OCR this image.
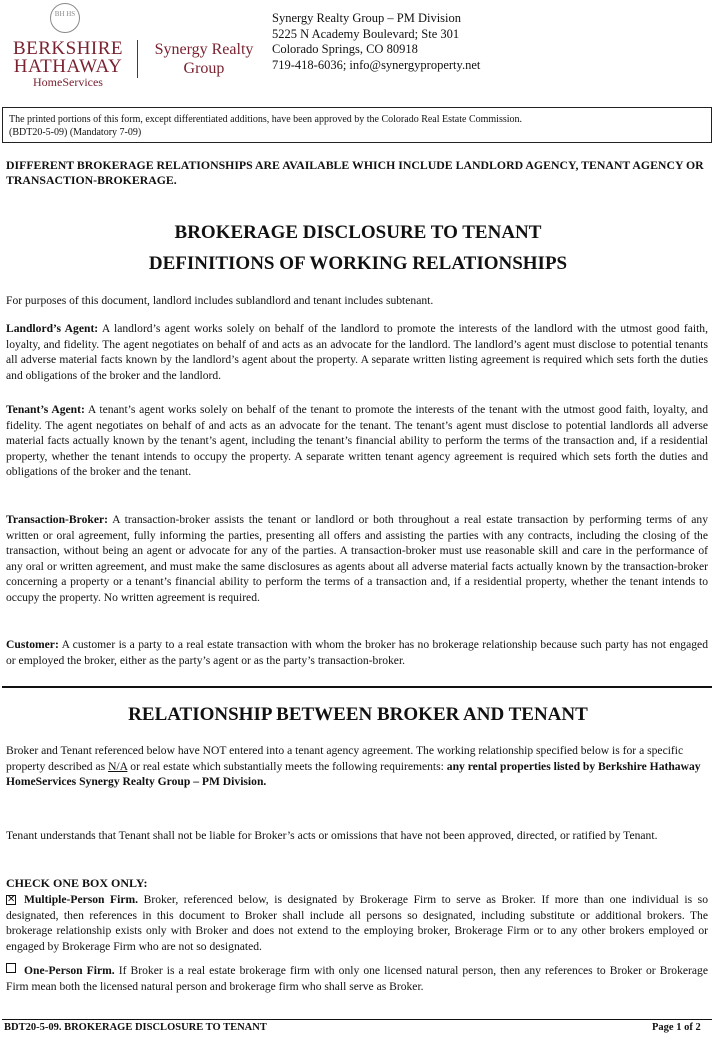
BH HS
BERKSHIRE
HATHAWAY
HomeServices
Synergy Realty
Group
Synergy Realty Group – PM Division
5225 N Academy Boulevard; Ste 301
Colorado Springs, CO 80918
719-418-6036; info@synergyproperty.net
The printed portions of this form, except differentiated additions, have been approved by the Colorado Real Estate Commission.
(BDT20-5-09) (Mandatory 7-09)
DIFFERENT BROKERAGE RELATIONSHIPS ARE AVAILABLE WHICH INCLUDE LANDLORD AGENCY, TENANT AGENCY OR TRANSACTION-BROKERAGE.
BROKERAGE DISCLOSURE TO TENANT
DEFINITIONS OF WORKING RELATIONSHIPS

For purposes of this document, landlord includes sublandlord and tenant includes subtenant.

Landlord’s Agent: A landlord’s agent works solely on behalf of the landlord to promote the interests of the landlord with the utmost good faith, loyalty, and fidelity. The agent negotiates on behalf of and acts as an advocate for the landlord. The landlord’s agent must disclose to potential tenants all adverse material facts known by the landlord’s agent about the property. A separate written listing agreement is required which sets forth the duties and obligations of the broker and the landlord.

Tenant’s Agent: A tenant’s agent works solely on behalf of the tenant to promote the interests of the tenant with the utmost good faith, loyalty, and fidelity. The agent negotiates on behalf of and acts as an advocate for the tenant. The tenant’s agent must disclose to potential landlords all adverse material facts actually known by the tenant’s agent, including the tenant’s financial ability to perform the terms of the transaction and, if a residential property, whether the tenant intends to occupy the property. A separate written tenant agency agreement is required which sets forth the duties and obligations of the broker and the tenant.

Transaction-Broker: A transaction-broker assists the tenant or landlord or both throughout a real estate transaction by performing terms of any written or oral agreement, fully informing the parties, presenting all offers and assisting the parties with any contracts, including the closing of the transaction, without being an agent or advocate for any of the parties. A transaction-broker must use reasonable skill and care in the performance of any oral or written agreement, and must make the same disclosures as agents about all adverse material facts actually known by the transaction-broker concerning a property or a tenant’s financial ability to perform the terms of a transaction and, if a residential property, whether the tenant intends to occupy the property. No written agreement is required.

Customer: A customer is a party to a real estate transaction with whom the broker has no brokerage relationship because such party has not engaged or employed the broker, either as the party’s agent or as the party’s transaction-broker.

RELATIONSHIP BETWEEN BROKER AND TENANT

Broker and Tenant referenced below have NOT entered into a tenant agency agreement. The working relationship specified below is for a specific property described as N/A or real estate which substantially meets the following requirements: any rental properties listed by Berkshire Hathaway HomeServices Synergy Realty Group – PM Division.

Tenant understands that Tenant shall not be liable for Broker’s acts or omissions that have not been approved, directed, or ratified by Tenant.

CHECK ONE BOX ONLY:

✕ Multiple-Person Firm. Broker, referenced below, is designated by Brokerage Firm to serve as Broker. If more than one individual is so designated, then references in this document to Broker shall include all persons so designated, including substitute or additional brokers. The brokerage relationship exists only with Broker and does not extend to the employing broker, Brokerage Firm or to any other brokers employed or engaged by Brokerage Firm who are not so designated.

One-Person Firm. If Broker is a real estate brokerage firm with only one licensed natural person, then any references to Broker or Brokerage Firm mean both the licensed natural person and brokerage firm who shall serve as Broker.

BDT20-5-09. BROKERAGE DISCLOSURE TO TENANT	Page 1 of 2
